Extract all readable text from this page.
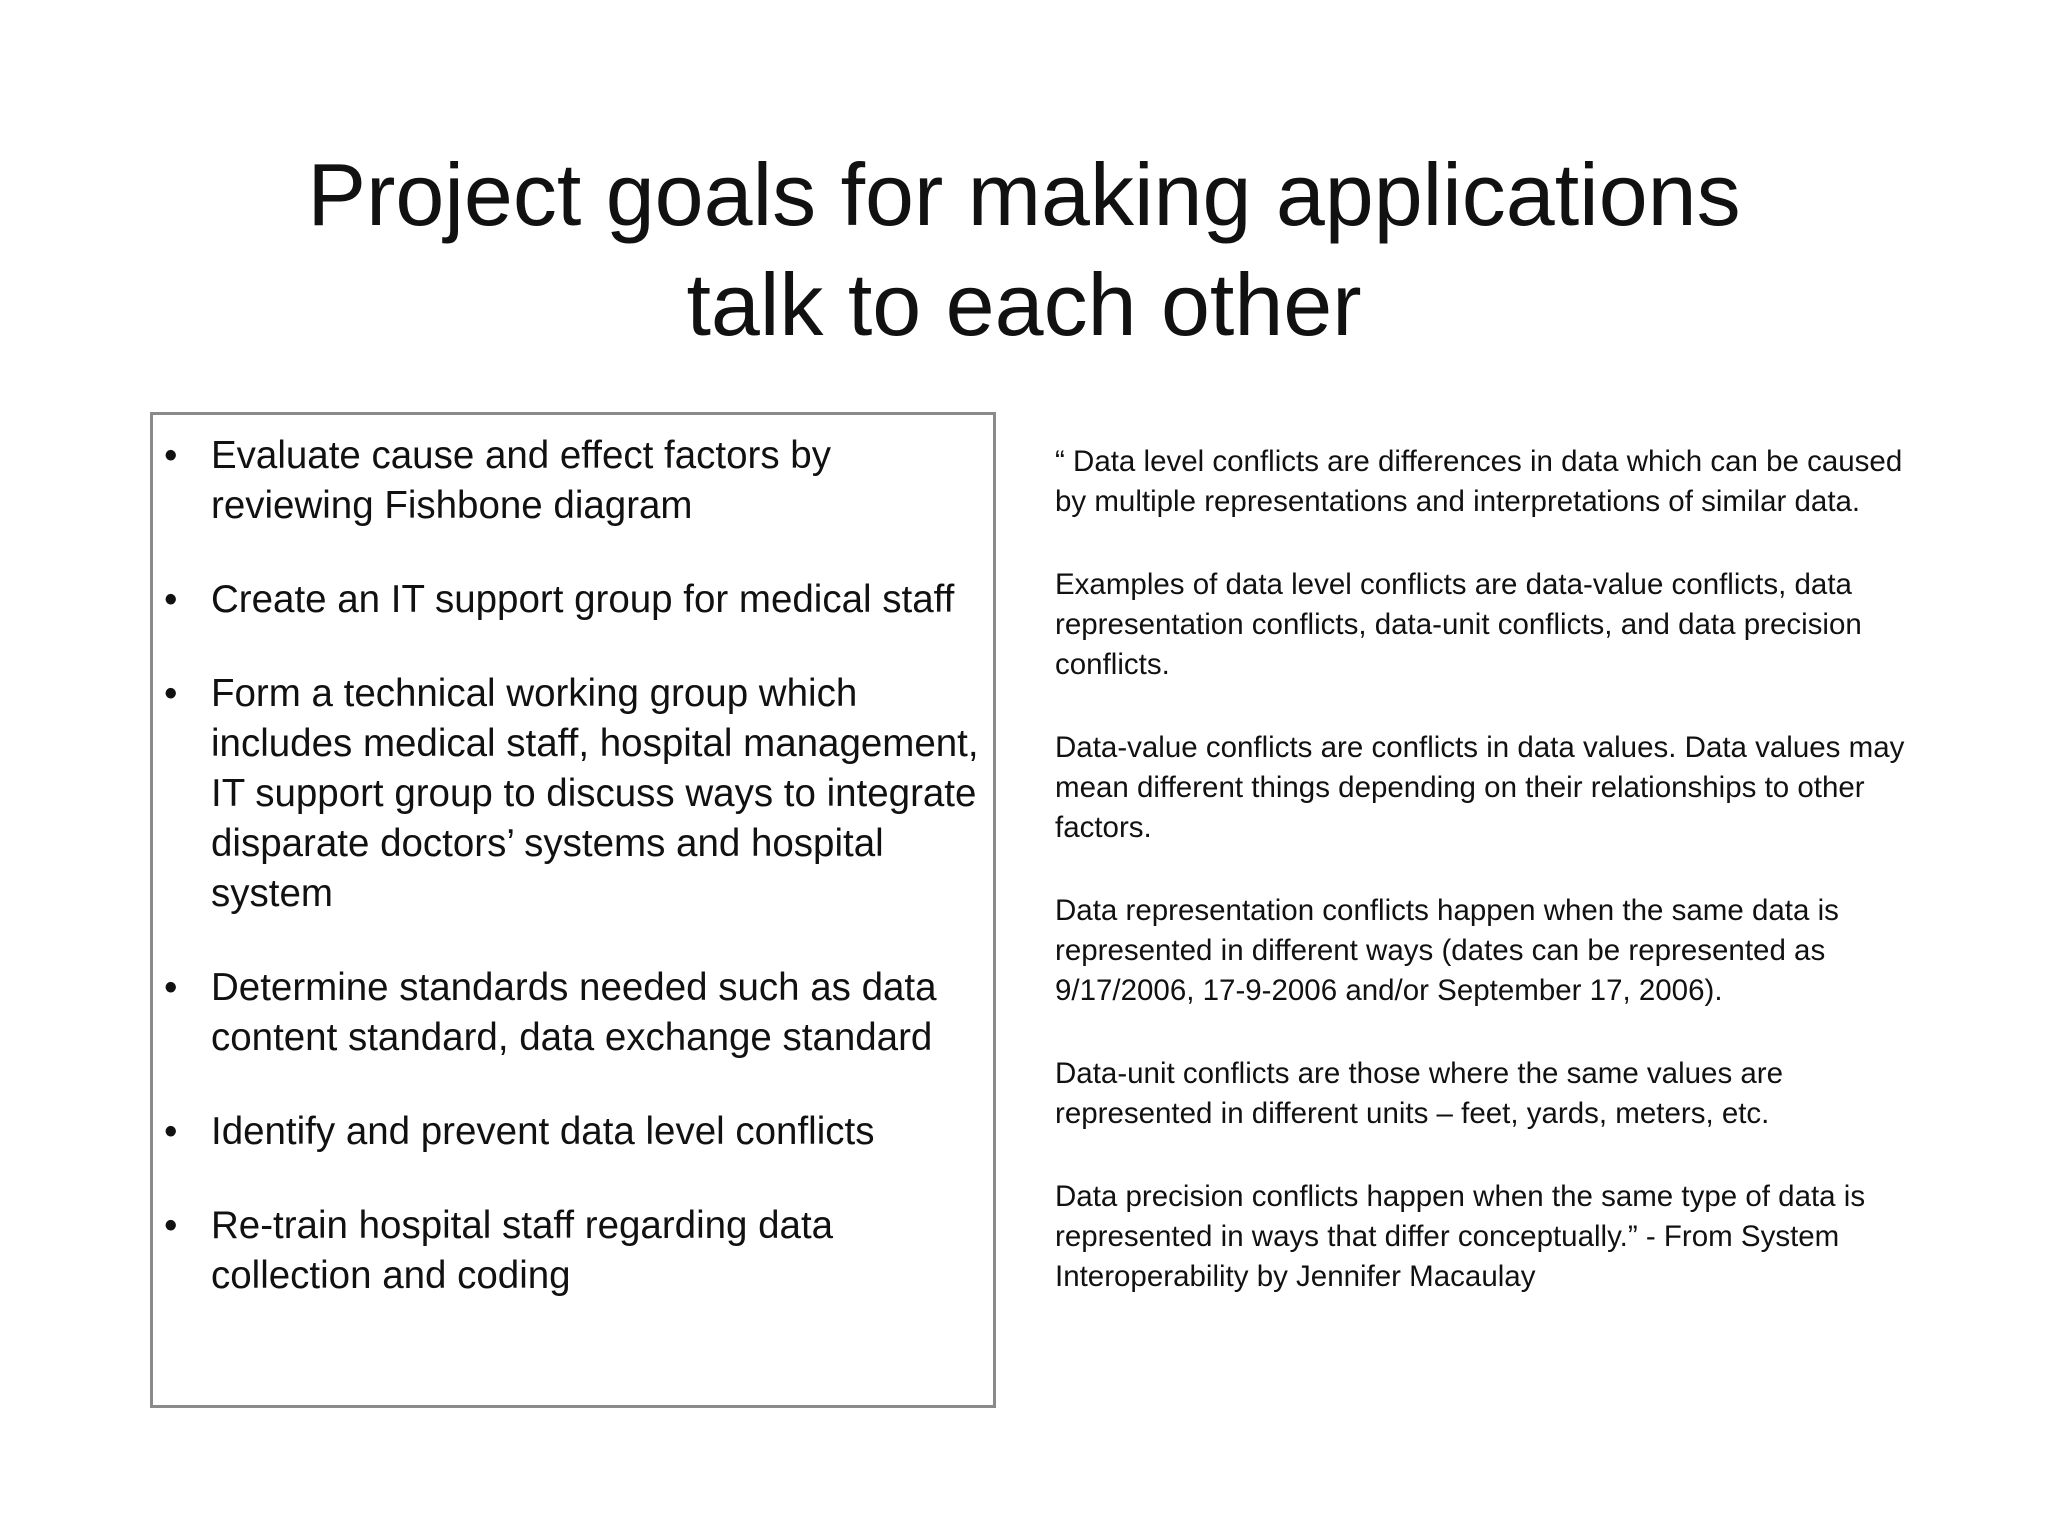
Project goals for making applications
talk to each other
• Evaluate cause and effect factors by reviewing Fishbone diagram
• Create an IT support group for medical staff
• Form a technical working group which includes medical staff, hospital management, IT support group to discuss ways to integrate disparate doctors’ systems and hospital system
• Determine standards needed such as data content standard, data exchange standard
• Identify and prevent data level conflicts
• Re-train hospital staff regarding data collection and coding

“ Data level conflicts are differences in data which can be caused by multiple representations and interpretations of similar data.

Examples of data level conflicts are data-value conflicts, data representation conflicts, data-unit conflicts, and data precision conflicts.

Data-value conflicts are conflicts in data values. Data values may mean different things depending on their relationships to other factors.

Data representation conflicts happen when the same data is represented in different ways (dates can be represented as 9/17/2006, 17-9-2006 and/or September 17, 2006).

Data-unit conflicts are those where the same values are represented in different units – feet, yards, meters, etc.

Data precision conflicts happen when the same type of data is represented in ways that differ conceptually.” - From System Interoperability by Jennifer Macaulay
